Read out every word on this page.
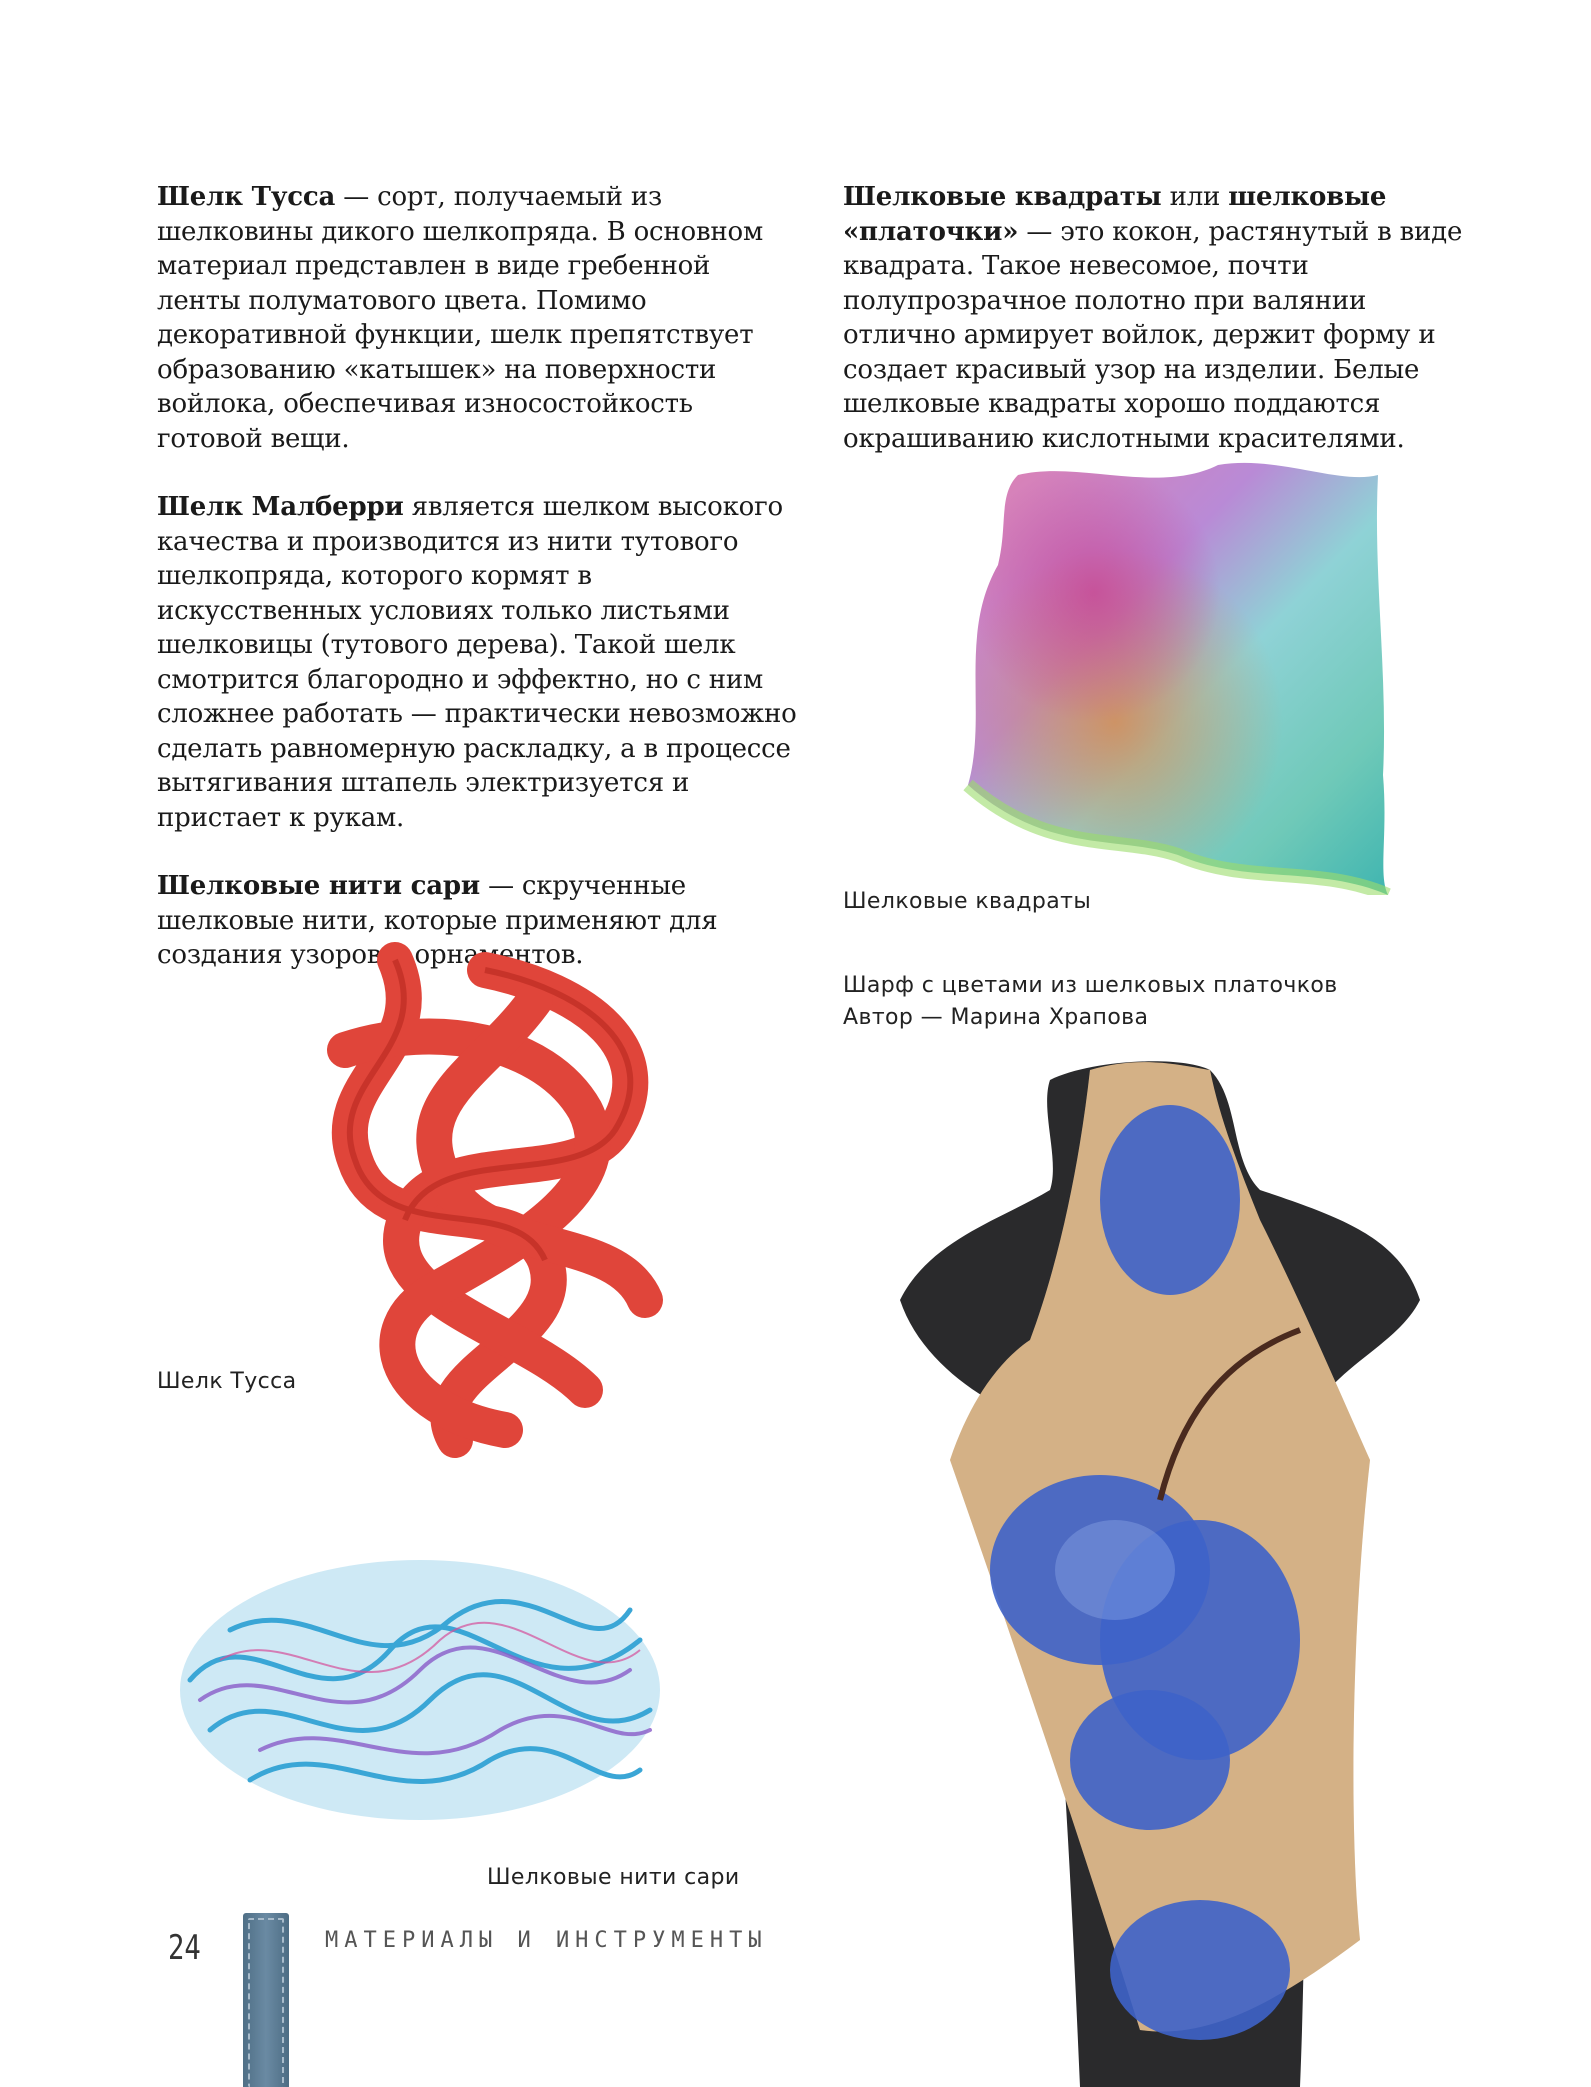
Шелк Тусса — сорт, получаемый из шелковины дикого шелкопряда. В основном материал представлен в виде гребенной ленты полуматового цвета. Помимо декоративной функции, шелк препятствует образованию «катышек» на поверхности войлока, обеспечивая износостойкость готовой вещи.

Шелк Малберри является шелком высокого качества и производится из нити тутового шелкопряда, которого кормят в искусственных условиях только листьями шелковицы (тутового дерева). Такой шелк смотрится благородно и эффектно, но с ним сложнее работать — практически невозможно сделать равномерную раскладку, а в процессе вытягивания штапель электризуется и пристает к рукам.

Шелковые нити сари — скрученные шелковые нити, которые применяют для создания узоров и орнаментов.

Шелковые квадраты или шелковые «платочки» — это кокон, растянутый в виде квадрата. Такое невесомое, почти полупрозрачное полотно при валянии отлично армирует войлок, держит форму и создает красивый узор на изделии. Белые шелковые квадраты хорошо поддаются окрашиванию кислотными красителями.

Шелковые квадраты
Шарф с цветами из шелковых платочков
Автор — Марина Храпова
Шелк Тусса
Шелковые нити сари
24	МАТЕРИАЛЫ И ИНСТРУМЕНТЫ
